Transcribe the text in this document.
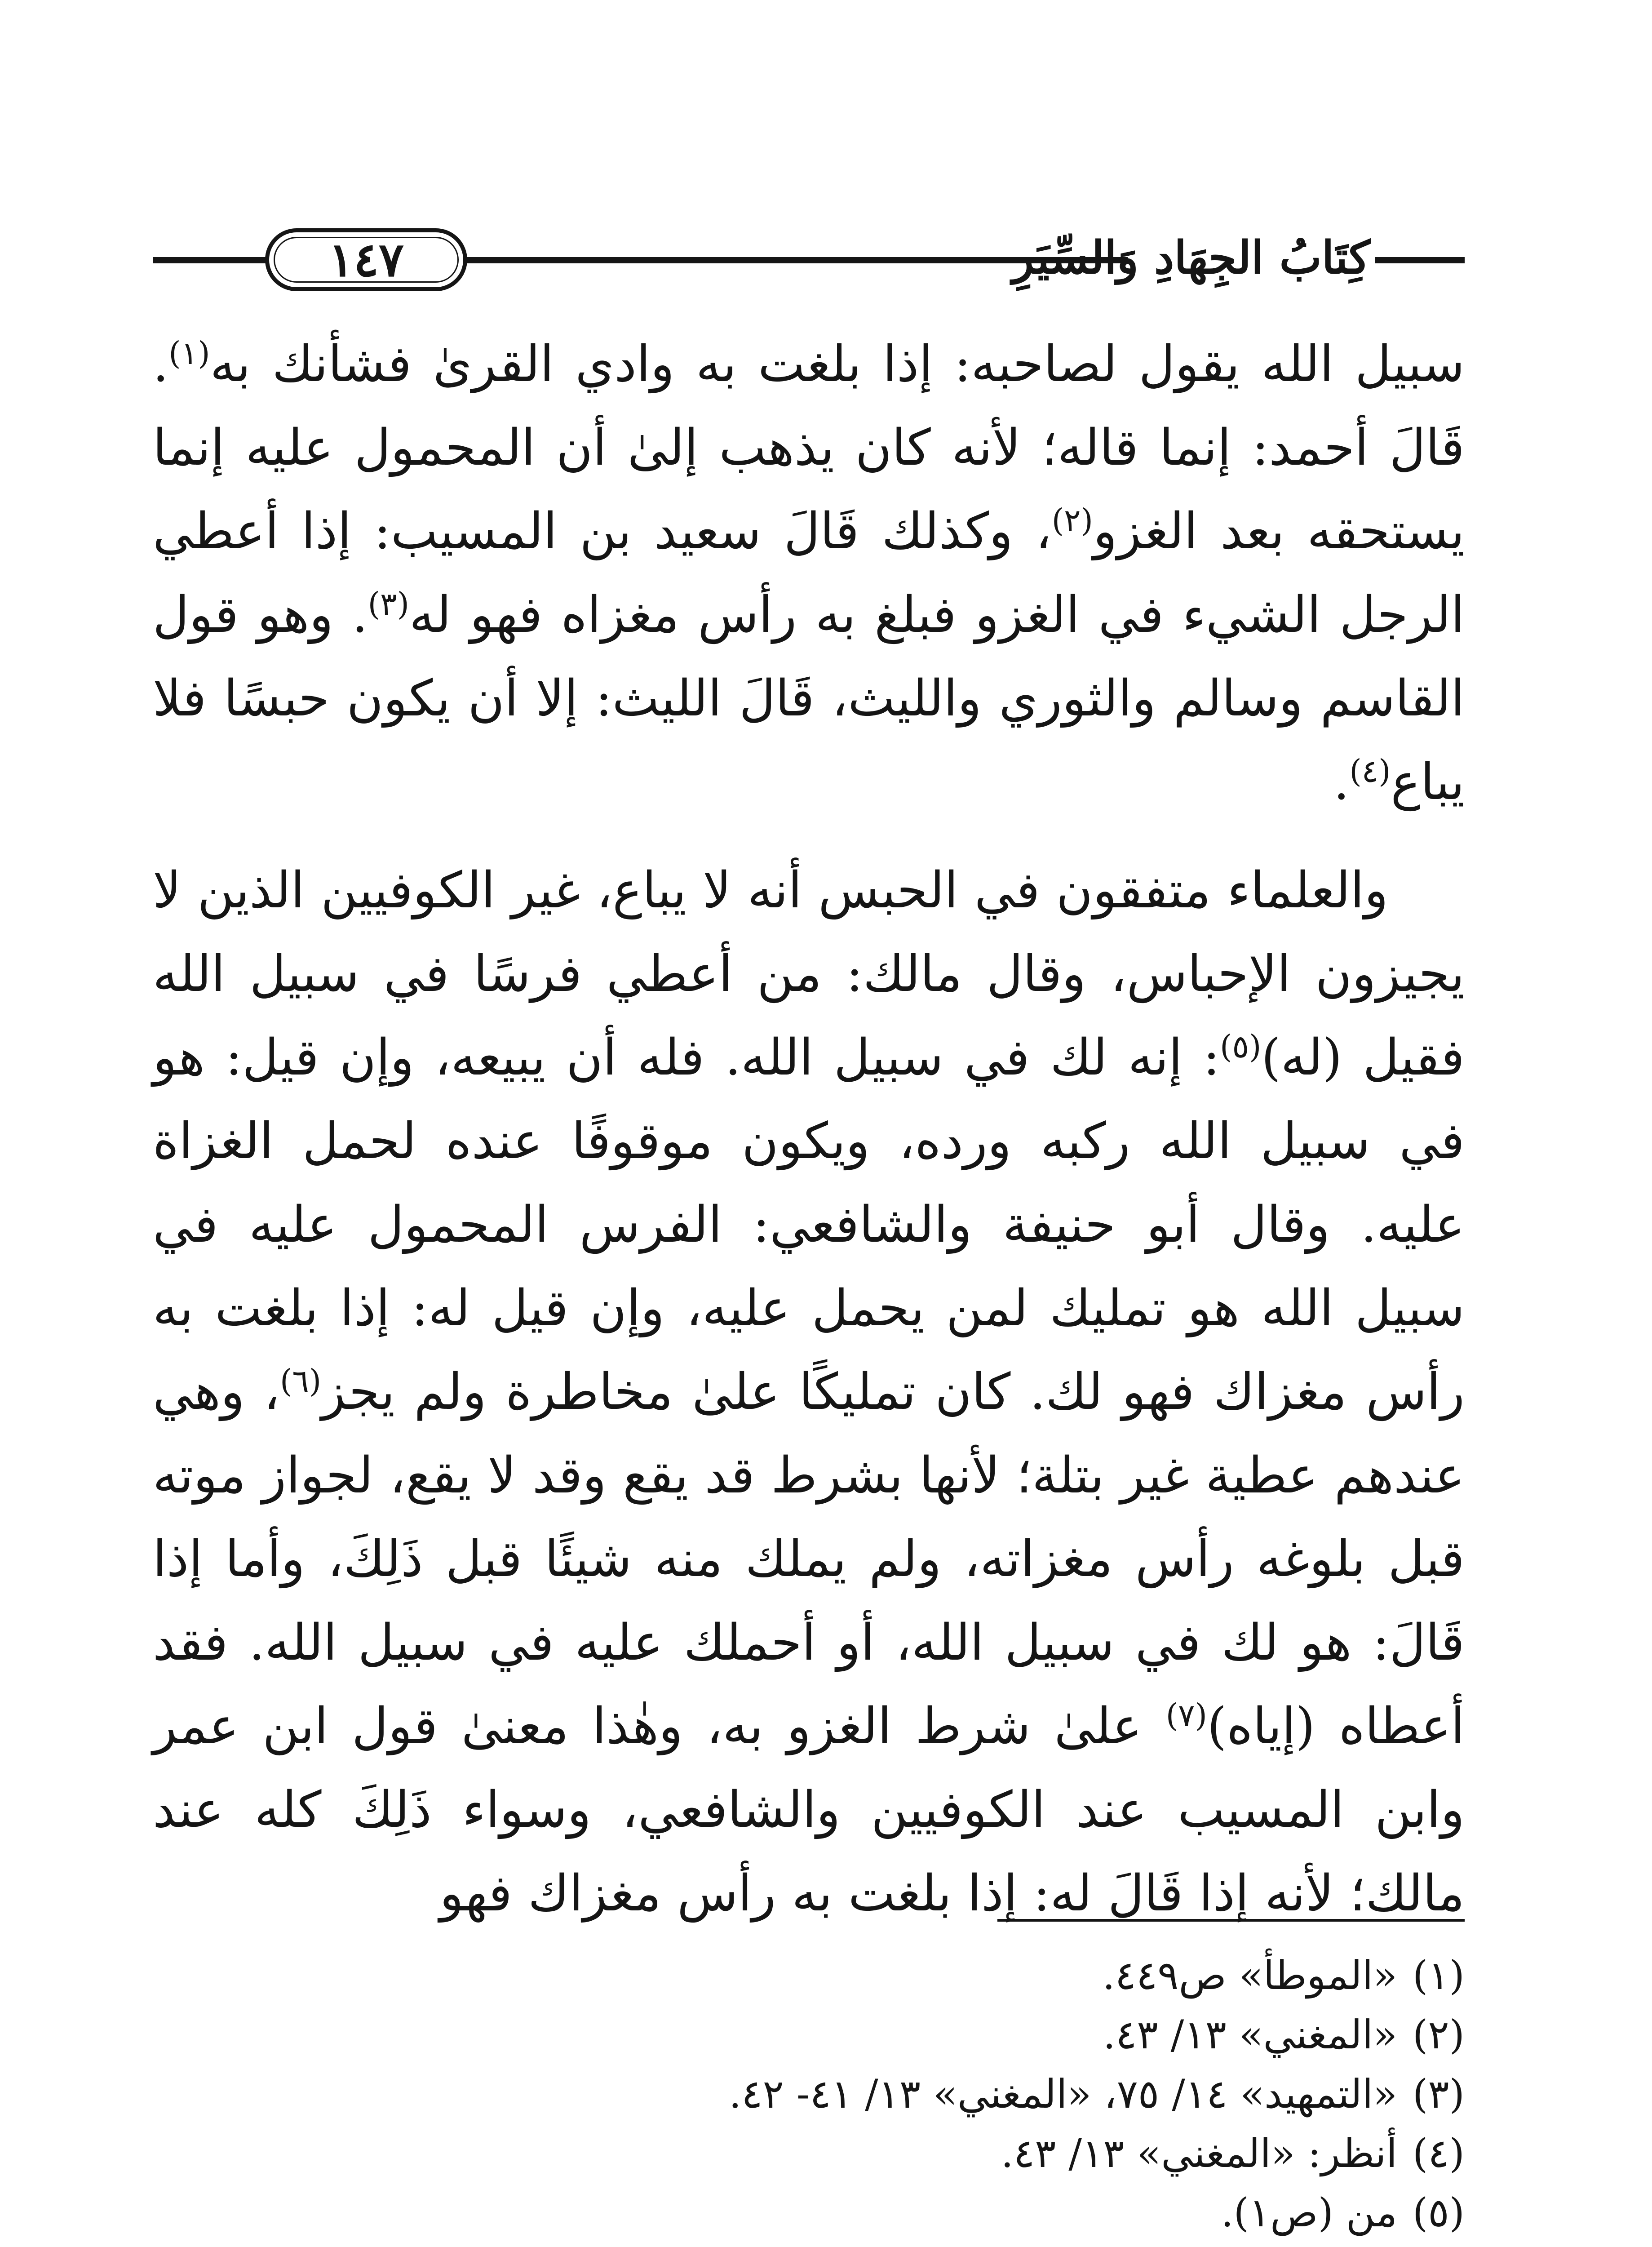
١٤٧	كِتَابُ الجِهَادِ وَالسِّيَرِ

سبيل الله يقول لصاحبه: إذا بلغت به وادي القرىٰ فشأنك به$^{(١)}$. قَالَ أحمد: إنما قاله؛ لأنه كان يذهب إلىٰ أن المحمول عليه إنما يستحقه بعد الغزو$^{(٢)}$، وكذلك قَالَ سعيد بن المسيب: إذا أعطي الرجل الشيء في الغزو فبلغ به رأس مغزاه فهو له$^{(٣)}$. وهو قول القاسم وسالم والثوري والليث، قَالَ الليث: إلا أن يكون حبسًا فلا يباع$^{(٤)}$.

والعلماء متفقون في الحبس أنه لا يباع، غير الكوفيين الذين لا يجيزون الإحباس، وقال مالك: من أعطي فرسًا في سبيل الله فقيل (له)$^{(٥)}$: إنه لك في سبيل الله. فله أن يبيعه، وإن قيل: هو في سبيل الله ركبه ورده، ويكون موقوفًا عنده لحمل الغزاة عليه. وقال أبو حنيفة والشافعي: الفرس المحمول عليه في سبيل الله هو تمليك لمن يحمل عليه، وإن قيل له: إذا بلغت به رأس مغزاك فهو لك. كان تمليكًا علىٰ مخاطرة ولم يجز$^{(٦)}$، وهي عندهم عطية غير بتلة؛ لأنها بشرط قد يقع وقد لا يقع، لجواز موته قبل بلوغه رأس مغزاته، ولم يملك منه شيئًا قبل ذَلِكَ، وأما إذا قَالَ: هو لك في سبيل الله، أو أحملك عليه في سبيل الله. فقد أعطاه (إياه)$^{(٧)}$ علىٰ شرط الغزو به، وهٰذا معنىٰ قول ابن عمر وابن المسيب عند الكوفيين والشافعي، وسواء ذَلِكَ كله عند مالك؛ لأنه إذا قَالَ له: إذا بلغت به رأس مغزاك فهو

(١)
«الموطأ» ص٤٤٩.
(٢)
«المغني» ١٣/ ٤٣.
(٣)
«التمهيد» ١٤/ ٧٥، «المغني» ١٣/ ٤١- ٤٢.
(٤)
أنظر: «المغني» ١٣/ ٤٣.
(٥)
من (ص١).
